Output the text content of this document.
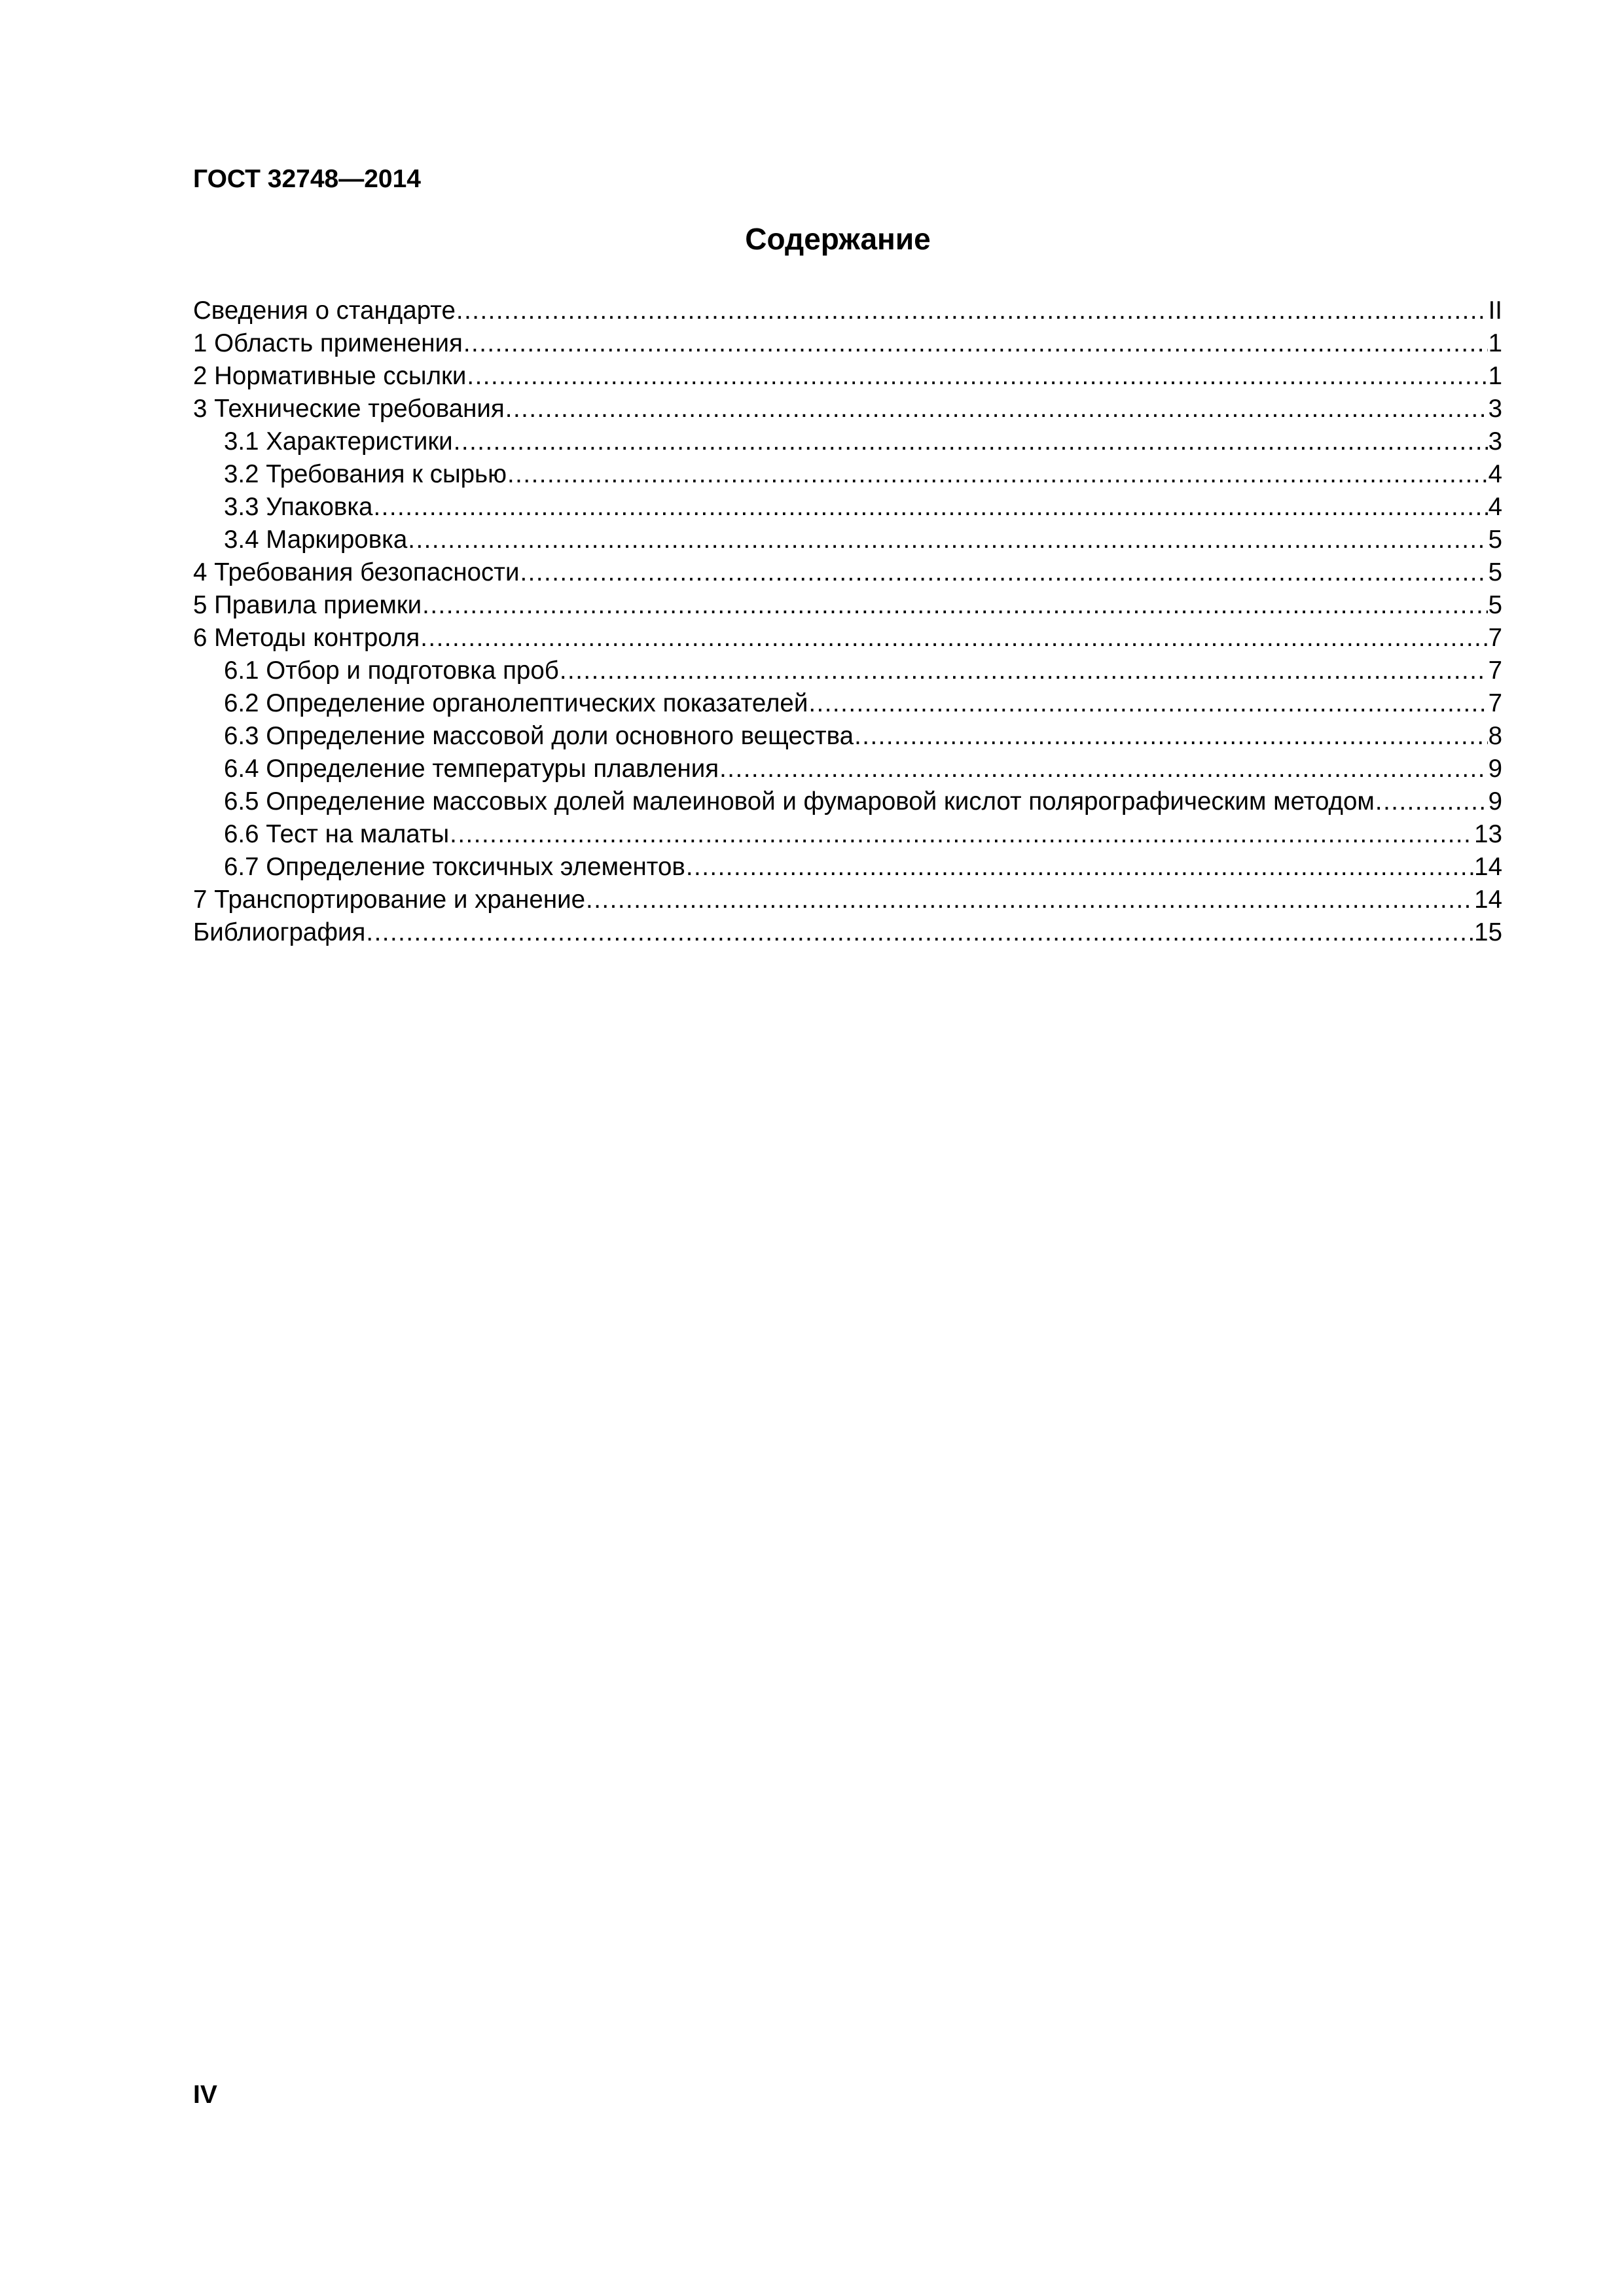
ГОСТ 32748—2014
Содержание
Сведения о стандарте .....	II
1 Область применения .....	1
2 Нормативные ссылки .....	1
3 Технические требования .....	3
3.1 Характеристики .....	3
3.2 Требования к сырью .....	4
3.3 Упаковка .....	4
3.4 Маркировка .....	5
4 Требования безопасности .....	5
5 Правила приемки .....	5
6 Методы контроля .....	7
6.1 Отбор и подготовка проб .....	7
6.2 Определение органолептических показателей .....	7
6.3 Определение массовой доли основного вещества .....	8
6.4 Определение температуры плавления .....	9
6.5 Определение массовых долей малеиновой и фумаровой кислот полярографическим методом .....	9
6.6 Тест на малаты .....	13
6.7 Определение токсичных элементов .....	14
7 Транспортирование и хранение .....	14
Библиография .....	15
IV
